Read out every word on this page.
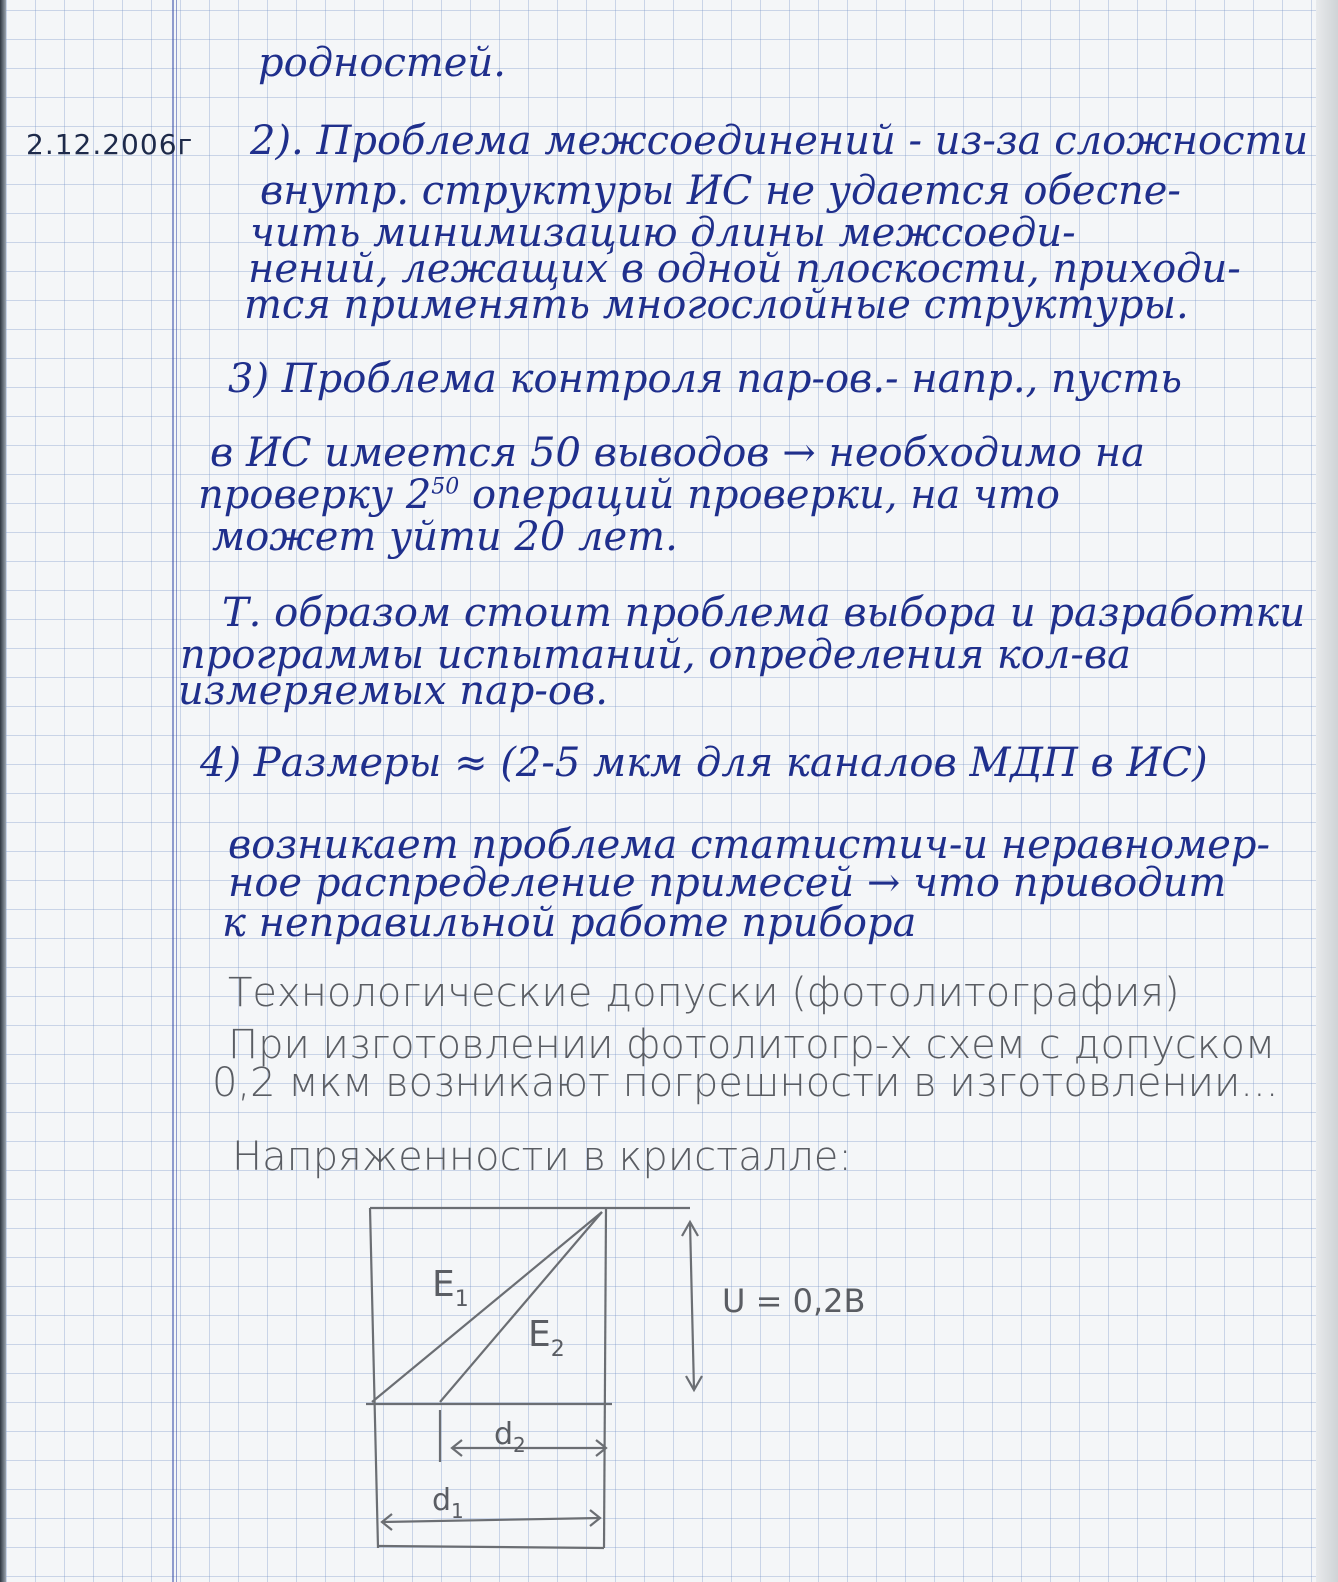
2.12.2006г
родностей.
2). Проблема межсоединений - из-за сложности
внутр. структуры ИС не удается обеспе-
чить минимизацию длины межсоеди-
нений, лежащих в одной плоскости, приходи-
тся применять многослойные структуры.
3) Проблема контроля пар-ов.- напр., пусть
в ИС имеется 50 выводов → необходимо на
проверку $2^{50}$ операций проверки, на что
может уйти 20 лет.
Т. образом стоит проблема выбора и разработки
программы испытаний, определения кол-ва
измеряемых пар-ов.
4) Размеры ≈ (2-5 мкм для каналов МДП в ИС)
возникает проблема статистич-и неравномер-
ное распределение примесей → что приводит
к неправильной работе прибора
Технологические допуски (фотолитография)
При изготовлении фотолитогр-х схем с допуском
0,2 мкм возникают погрешности в изготовлении...
Напряженности в кристалле:
$E_1$
$E_2$
U = 0,2B
$d_2$
$d_1$
